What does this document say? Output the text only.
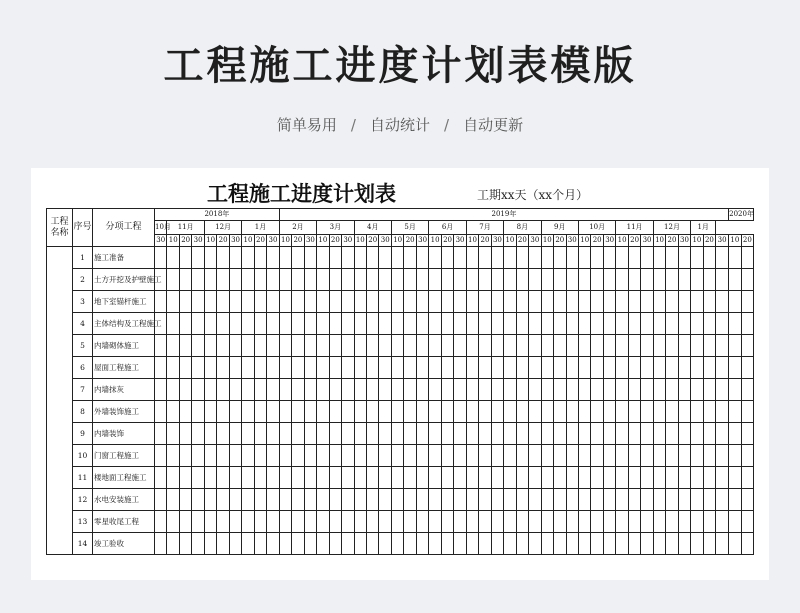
工程施工进度计划表模版
简单易用 / 自动统计 / 自动更新
工程施工进度计划表	工期xx天（xx个月）
工程名称	序号	分项工程	2018年										2019年																																				2020年	
			10月	11月			12月			1月			2月			3月			4月			5月			6月			7月			8月			9月			10月			11月			12月			1月				
			30	10	20	30	10	20	30	10	20	30	10	20	30	10	20	30	10	20	30	10	20	30	10	20	30	10	20	30	10	20	30	10	20	30	10	20	30	10	20	30	10	20	30	10	20	30	10	20
	1	施工准备																																																
	2	土方开挖及护壁施工																																																
	3	地下室锚杆施工																																																
	4	主体结构及工程施工																																																
	5	内墙砌体施工																																																
	6	屋面工程施工																																																
	7	内墙抹灰																																																
	8	外墙装饰施工																																																
	9	内墙装饰																																																
	10	门窗工程施工																																																
	11	楼地面工程施工																																																
	12	水电安装施工																																																
	13	零星收尾工程																																																
	14	竣工验收																																																
